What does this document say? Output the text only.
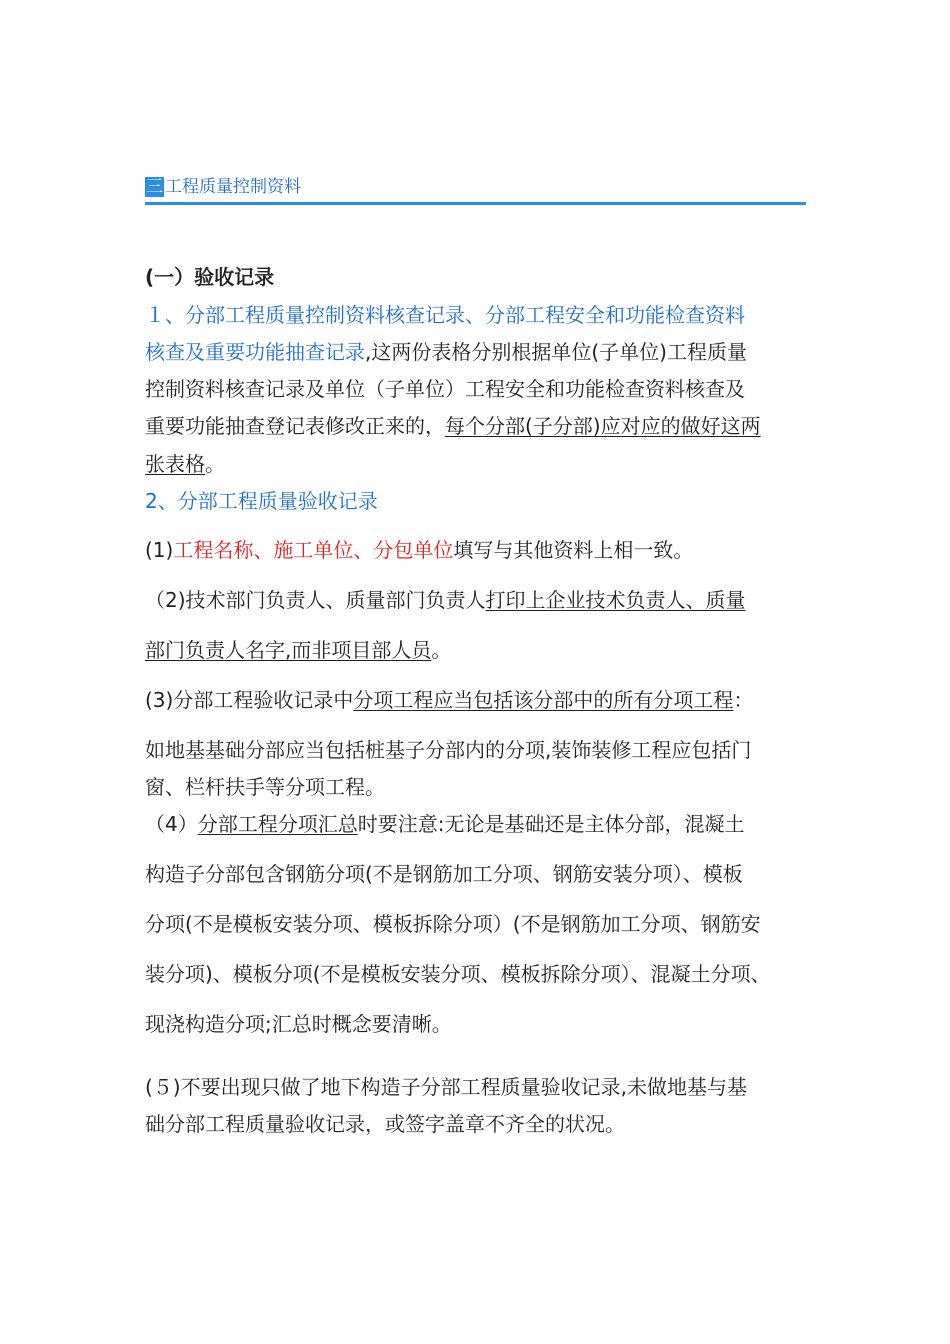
三 工程质量控制资料
(一）验收记录
１、分部工程质量控制资料核查记录、分部工程安全和功能检查资料
核查及重要功能抽查记录,这两份表格分别根据单位(子单位)工程质量
控制资料核查记录及单位（子单位）工程安全和功能检查资料核查及
重要功能抽查登记表修改正来的，每个分部(子分部)应对应的做好这两
张表格。
2、分部工程质量验收记录
(1)工程名称、施工单位、分包单位填写与其他资料上相一致。
（2)技术部门负责人、质量部门负责人打印上企业技术负责人、质量
部门负责人名字,而非项目部人员。
(3)分部工程验收记录中分项工程应当包括该分部中的所有分项工程：
如地基基础分部应当包括桩基子分部内的分项,装饰装修工程应包括门
窗、栏杆扶手等分项工程。
（4）分部工程分项汇总时要注意:无论是基础还是主体分部，混凝土
构造子分部包含钢筋分项(不是钢筋加工分项、钢筋安装分项）、模板
分项(不是模板安装分项、模板拆除分项）(不是钢筋加工分项、钢筋安
装分项)、模板分项(不是模板安装分项、模板拆除分项）、混凝土分项、
现浇构造分项;汇总时概念要清晰。
(５)不要出现只做了地下构造子分部工程质量验收记录,未做地基与基
础分部工程质量验收记录，或签字盖章不齐全的状况。
